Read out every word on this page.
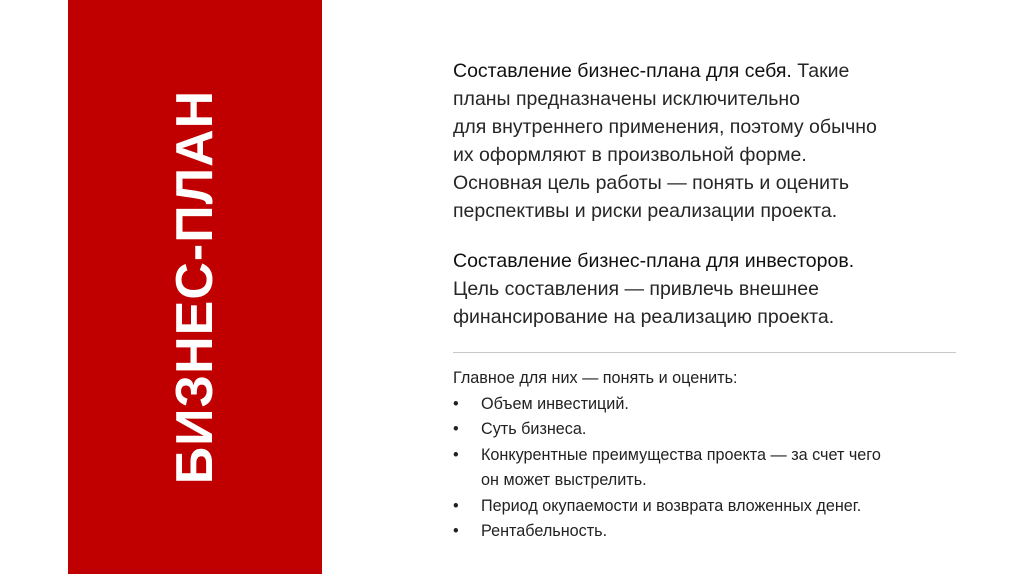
БИЗНЕС-ПЛАН

Составление бизнес-плана для себя. Такие
планы предназначены исключительно
для внутреннего применения, поэтому обычно
их оформляют в произвольной форме.
Основная цель работы — понять и оценить
перспективы и риски реализации проекта.

Составление бизнес-плана для инвесторов.
Цель составления — привлечь внешнее
финансирование на реализацию проекта.

Главное для них — понять и оценить:

• Объем инвестиций.
• Суть бизнеса.
• Конкурентные преимущества проекта — за счет чего
он может выстрелить.
• Период окупаемости и возврата вложенных денег.
• Рентабельность.
